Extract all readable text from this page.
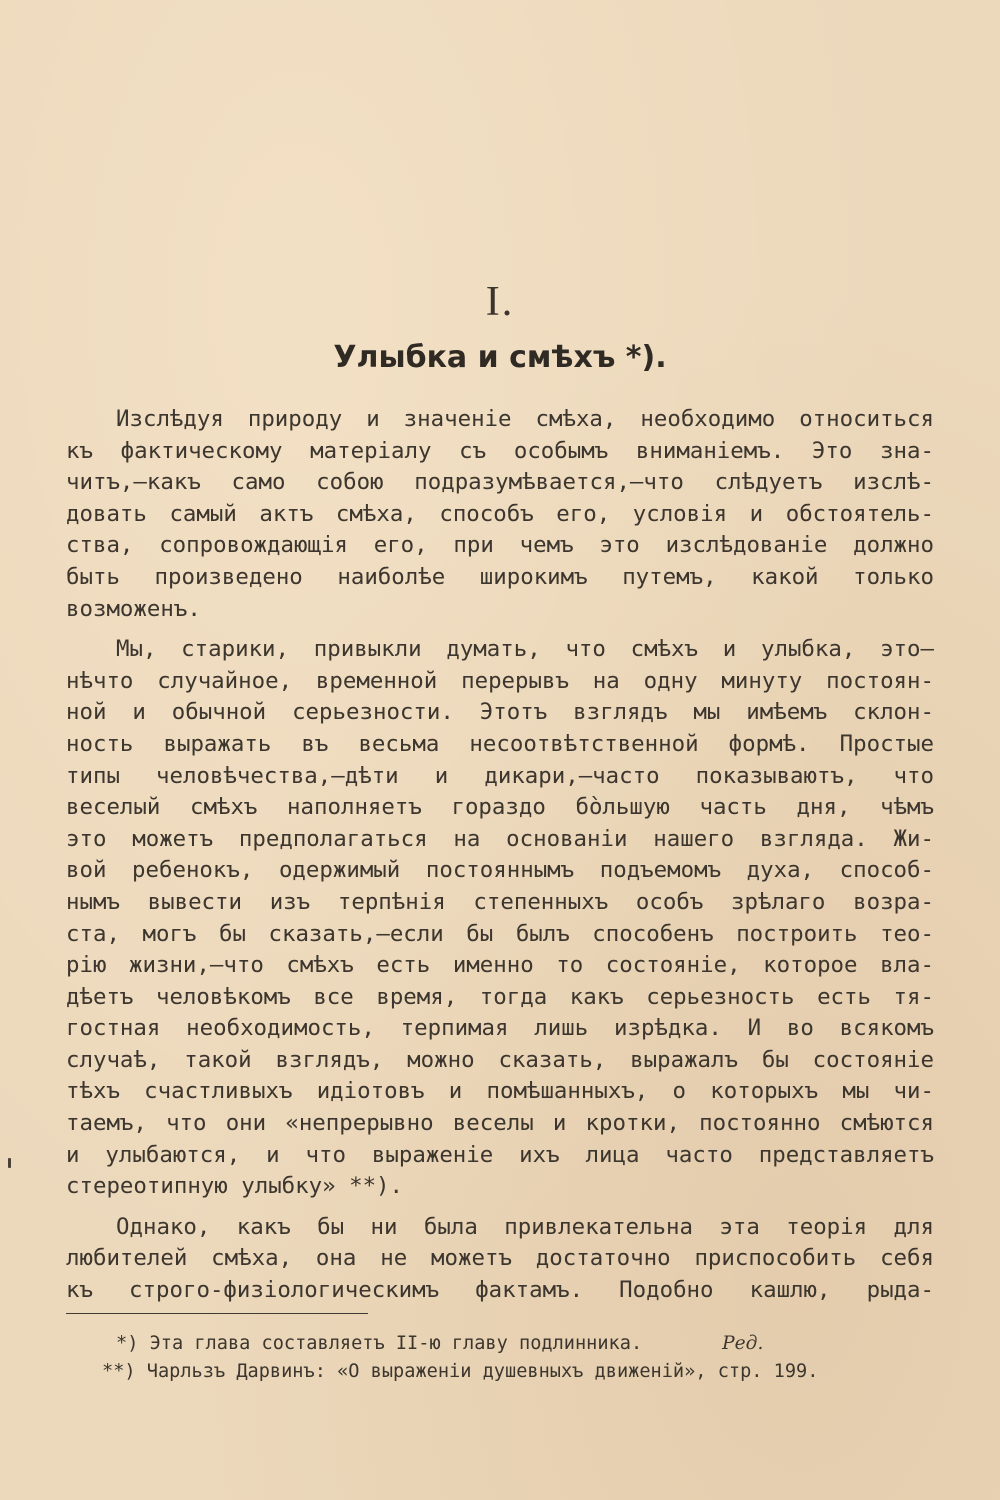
I.
Улыбка и смѣхъ *).
Изслѣдуя природу и значеніе смѣха, необходимо относиться
къ фактическому матеріалу съ особымъ вниманіемъ. Это зна-
читъ,—какъ само собою подразумѣвается,—что слѣдуетъ изслѣ-
довать самый актъ смѣха, способъ его, условія и обстоятель-
ства, сопровождающія его, при чемъ это изслѣдованіе должно
быть произведено наиболѣе широкимъ путемъ, какой только
возможенъ.
Мы, старики, привыкли думать, что смѣхъ и улыбка, это—
нѣчто случайное, временной перерывъ на одну минуту постоян-
ной и обычной серьезности. Этотъ взглядъ мы имѣемъ склон-
ность выражать въ весьма несоотвѣтственной формѣ. Простые
типы человѣчества,—дѣти и дикари,—часто показываютъ, что
веселый смѣхъ наполняетъ гораздо бо̀льшую часть дня, чѣмъ
это можетъ предполагаться на основаніи нашего взгляда. Жи-
вой ребенокъ, одержимый постояннымъ подъемомъ духа, способ-
нымъ вывести изъ терпѣнія степенныхъ особъ зрѣлаго возра-
ста, могъ бы сказать,—если бы былъ способенъ построить тео-
рію жизни,—что смѣхъ есть именно то состояніе, которое вла-
дѣетъ человѣкомъ все время, тогда какъ серьезность есть тя-
гостная необходимость, терпимая лишь изрѣдка. И во всякомъ
случаѣ, такой взглядъ, можно сказать, выражалъ бы состояніе
тѣхъ счастливыхъ идіотовъ и помѣшанныхъ, о которыхъ мы чи-
таемъ, что они «непрерывно веселы и кротки, постоянно смѣются
и улыбаются, и что выраженіе ихъ лица часто представляетъ
стереотипную улыбку» **).
Однако, какъ бы ни была привлекательна эта теорія для
любителей смѣха, она не можетъ достаточно приспособить себя
къ строго-физіологическимъ фактамъ. Подобно кашлю, рыда-
*) Эта глава составляетъ II-ю главу подлинника.	Ред.
**) Чарльзъ Дарвинъ: «О выраженіи душевныхъ движеній», стр. 199.
